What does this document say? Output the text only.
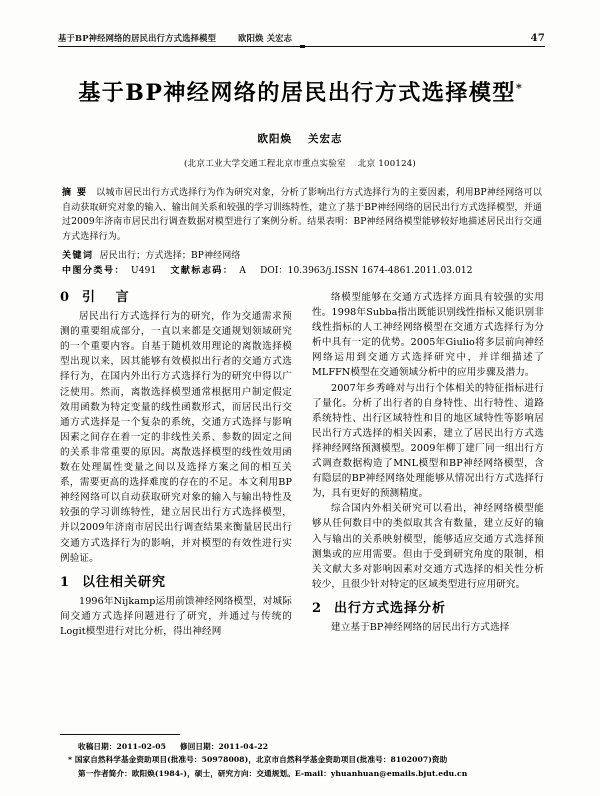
基于BP神经网络的居民出行方式选择模型	欧阳焕 关宏志	47
基于BP神经网络的居民出行方式选择模型*
欧阳焕 关宏志
(北京工业大学交通工程北京市重点实验室 北京 100124)
摘要 以城市居民出行方式选择行为作为研究对象，分析了影响出行方式选择行为的主要因素，利用BP神经网络可以自动获取研究对象的输入、输出间关系和较强的学习训练特性，建立了基于BP神经网络的居民出行方式选择模型，并通过2009年济南市居民出行调查数据对模型进行了案例分析。结果表明：BP神经网络模型能够较好地描述居民出行交通方式选择行为。
关键词 居民出行；方式选择；BP神经网络
中图分类号： U491 文献标志码： A DOI：10.3963/j.ISSN 1674-4861.2011.03.012
0 引 言

居民出行方式选择行为的研究，作为交通需求预测的重要组成部分，一直以来都是交通规划领域研究的一个重要内容。自基于随机效用理论的离散选择模型出现以来，因其能够有效模拟出行者的交通方式选择行为，在国内外出行方式选择行为的研究中得以广泛使用。然而，离散选择模型通常根据用户制定假定效用函数为特定变量的线性函数形式，而居民出行交通方式选择是一个复杂的系统，交通方式选择与影响因素之间存在着一定的非线性关系、参数的固定之间的关系非常重要的原因。离散选择模型的线性效用函数在处理属性变量之间以及选择方案之间的相互关系，需要更高的选择难度的存在的不足。本文利用BP神经网络可以自动获取研究对象的输入与输出特性及较强的学习训练特性，建立居民出行方式选择模型，并以2009年济南市居民出行调查结果来衡量居民出行交通方式选择行为的影响，并对模型的有效性进行实例验证。

1 以往相关研究

1996年Nijkamp运用前馈神经网络模型，对城际间交通方式选择问题进行了研究，并通过与传统的Logit模型进行对比分析，得出神经网

络模型能够在交通方式选择方面具有较强的实用性。1998年Subba指出既能识别线性指标又能识别非线性指标的人工神经网络模型在交通方式选择行为分析中具有一定的优势。2005年Giulio将多层前向神经网络运用到交通方式选择研究中，并详细描述了MLFFN模型在交通领域分析中的应用步骤及潜力。

2007年乡秀峰对与出行个体相关的特征指标进行了量化。分析了出行者的自身特性、出行特性、道路系统特性、出行区域特性和目的地区域特性等影响居民出行方式选择的相关因素，建立了居民出行方式选择神经网络预测模型。2009年柳丁建厂同一组出行方式调查数据构造了MNL模型和BP神经网络模型，含有隐层的BP神经网络处理能够从情况出行方式选择行为，具有更好的预测精度。

综合国内外相关研究可以看出，神经网络模型能够从任何数目中的类似取其含有数量，建立反好的输入与输出的关系映射模型，能够适应交通方式选择预测集或的应用需要。但由于受到研究角度的限制，相关文献大多对影响因素对交通方式选择的相关性分析较少，且很少针对特定的区域类型进行应用研究。

2 出行方式选择分析

建立基于BP神经网络的居民出行方式选择

收稿日期：2011-02-05 修回日期：2011-04-22
* 国家自然科学基金资助项目(批准号：50978008)，北京市自然科学基金资助项目(批准号：8102007)资助
第一作者简介：欧阳焕(1984-)，硕士，研究方向：交通规划。E-mail：yhuanhuan@emails.bjut.edu.cn
